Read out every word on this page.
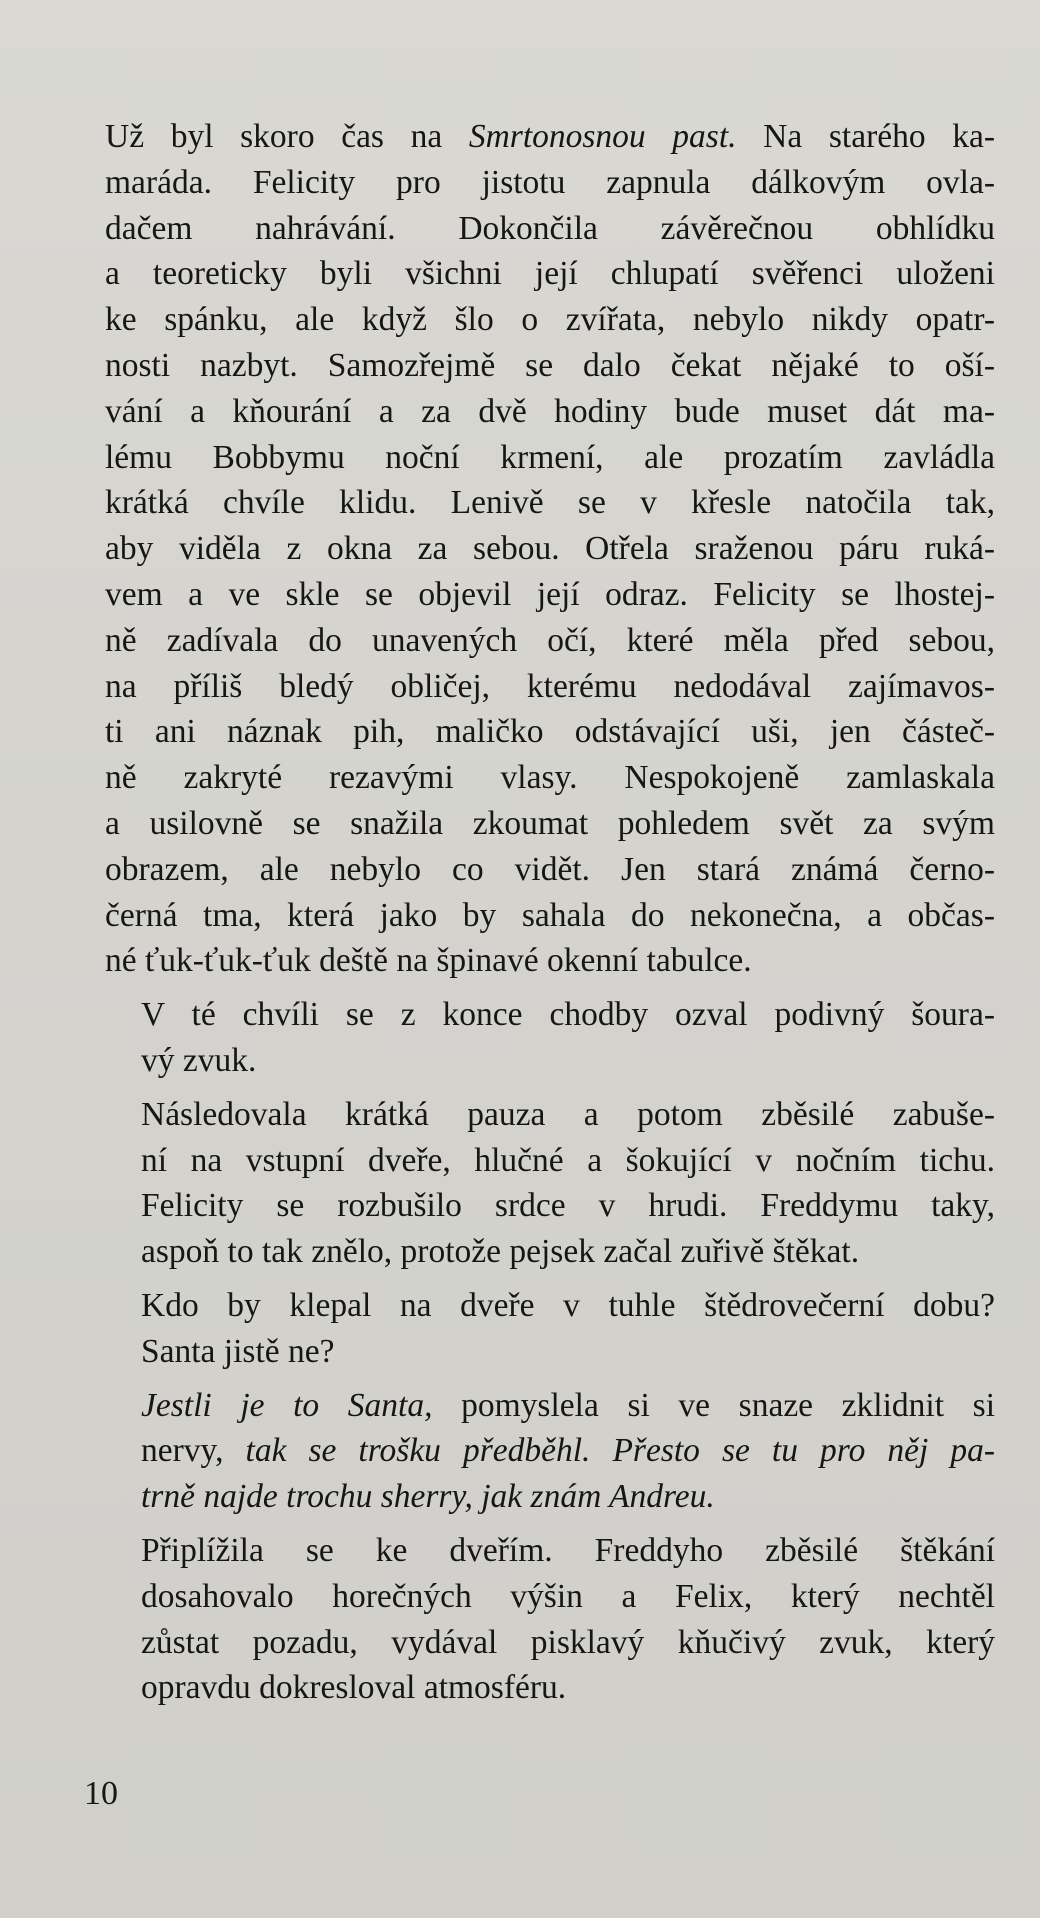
Už byl skoro čas na Smrtonosnou past. Na starého ka-
maráda. Felicity pro jistotu zapnula dálkovým ovla-
dačem nahrávání. Dokončila závěrečnou obhlídku
a teoreticky byli všichni její chlupatí svěřenci uloženi
ke spánku, ale když šlo o zvířata, nebylo nikdy opatr-
nosti nazbyt. Samozřejmě se dalo čekat nějaké to oší-
vání a kňourání a za dvě hodiny bude muset dát ma-
lému Bobbymu noční krmení, ale prozatím zavládla
krátká chvíle klidu. Lenivě se v křesle natočila tak,
aby viděla z okna za sebou. Otřela sraženou páru ruká-
vem a ve skle se objevil její odraz. Felicity se lhostej-
ně zadívala do unavených očí, které měla před sebou,
na příliš bledý obličej, kterému nedodával zajímavos-
ti ani náznak pih, maličko odstávající uši, jen částeč-
ně zakryté rezavými vlasy. Nespokojeně zamlaskala
a usilovně se snažila zkoumat pohledem svět za svým
obrazem, ale nebylo co vidět. Jen stará známá černo-
černá tma, která jako by sahala do nekonečna, a občas-
né ťuk-ťuk-ťuk deště na špinavé okenní tabulce.

V té chvíli se z konce chodby ozval podivný šoura-
vý zvuk.

Následovala krátká pauza a potom zběsilé zabuše-
ní na vstupní dveře, hlučné a šokující v nočním tichu.
Felicity se rozbušilo srdce v hrudi. Freddymu taky,
aspoň to tak znělo, protože pejsek začal zuřivě štěkat.

Kdo by klepal na dveře v tuhle štědrovečerní dobu?
Santa jistě ne?

Jestli je to Santa, pomyslela si ve snaze zklidnit si
nervy, tak se trošku předběhl. Přesto se tu pro něj pa-
trně najde trochu sherry, jak znám Andreu.

Připlížila se ke dveřím. Freddyho zběsilé štěkání
dosahovalo horečných výšin a Felix, který nechtěl
zůstat pozadu, vydával pisklavý kňučivý zvuk, který
opravdu dokresloval atmosféru.

10
